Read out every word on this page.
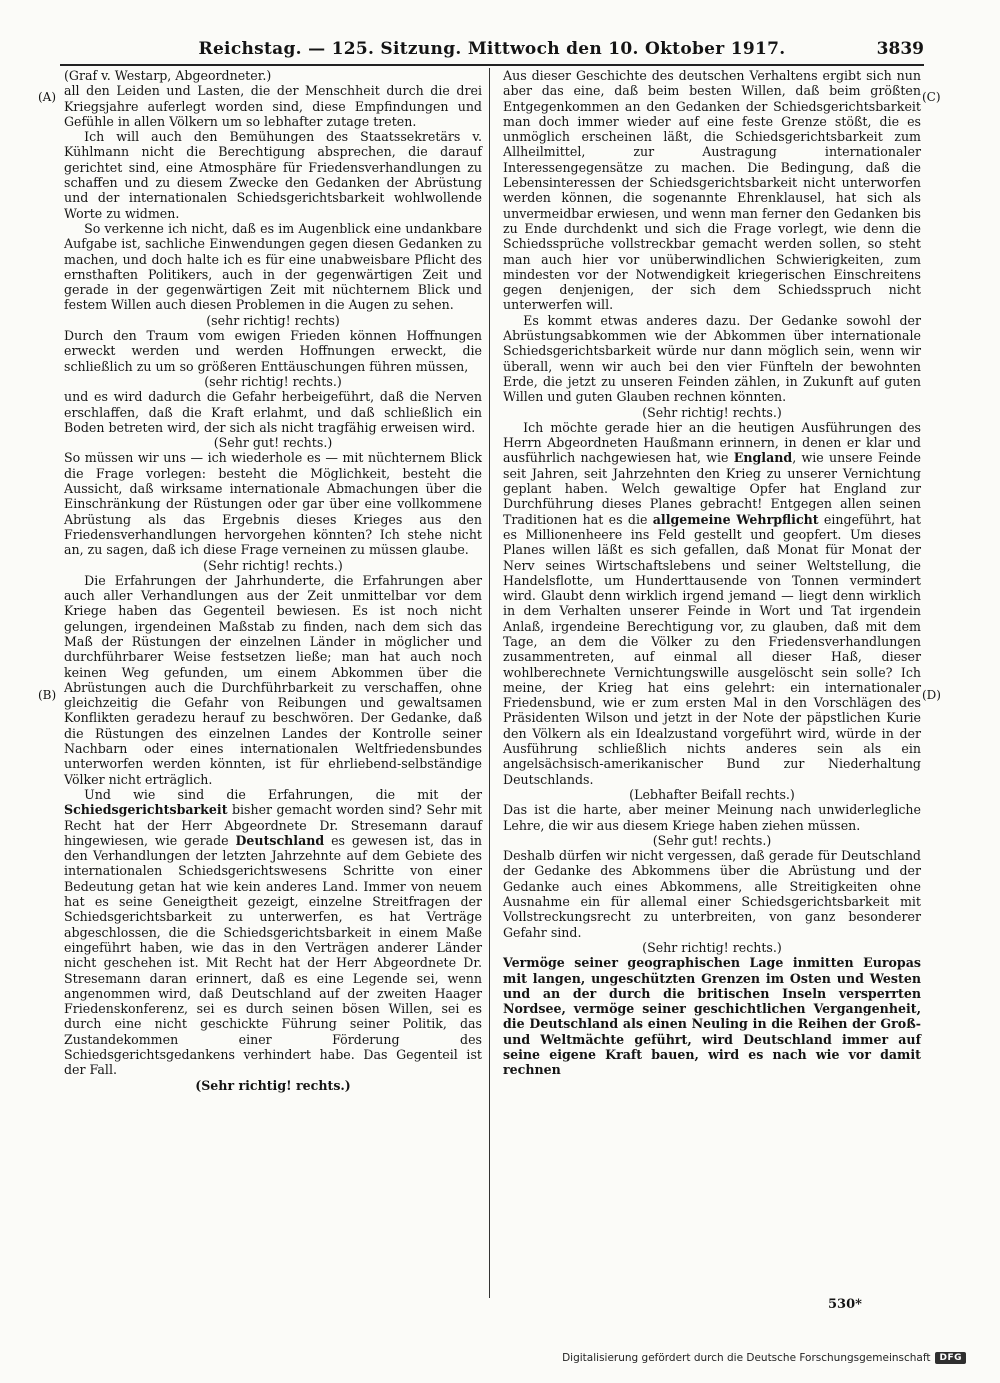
Reichstag. — 125. Sitzung. Mittwoch den 10. Oktober 1917.	3839
(A)
(B)
(C)
(D)

(Graf v. Westarp, Abgeordneter.)

all den Leiden und Lasten, die der Menschheit durch die drei Kriegsjahre auferlegt worden sind, diese Empfindungen und Gefühle in allen Völkern um so lebhafter zutage treten.

Ich will auch den Bemühungen des Staatssekretärs v. Kühlmann nicht die Berechtigung absprechen, die darauf gerichtet sind, eine Atmosphäre für Friedensverhandlungen zu schaffen und zu diesem Zwecke den Gedanken der Abrüstung und der internationalen Schiedsgerichtsbarkeit wohlwollende Worte zu widmen.

So verkenne ich nicht, daß es im Augenblick eine undankbare Aufgabe ist, sachliche Einwendungen gegen diesen Gedanken zu machen, und doch halte ich es für eine unabweisbare Pflicht des ernsthaften Politikers, auch in der gegenwärtigen Zeit und gerade in der gegenwärtigen Zeit mit nüchternem Blick und festem Willen auch diesen Problemen in die Augen zu sehen.

(sehr richtig! rechts)

Durch den Traum vom ewigen Frieden können Hoffnungen erweckt werden und werden Hoffnungen erweckt, die schließlich zu um so größeren Enttäuschungen führen müssen,

(sehr richtig! rechts.)

und es wird dadurch die Gefahr herbeigeführt, daß die Nerven erschlaffen, daß die Kraft erlahmt, und daß schließlich ein Boden betreten wird, der sich als nicht tragfähig erweisen wird.

(Sehr gut! rechts.)

So müssen wir uns — ich wiederhole es — mit nüchternem Blick die Frage vorlegen: besteht die Möglichkeit, besteht die Aussicht, daß wirksame internationale Abmachungen über die Einschränkung der Rüstungen oder gar über eine vollkommene Abrüstung als das Ergebnis dieses Krieges aus den Friedensverhandlungen hervorgehen könnten? Ich stehe nicht an, zu sagen, daß ich diese Frage verneinen zu müssen glaube.

(Sehr richtig! rechts.)

Die Erfahrungen der Jahrhunderte, die Erfahrungen aber auch aller Verhandlungen aus der Zeit unmittelbar vor dem Kriege haben das Gegenteil bewiesen. Es ist noch nicht gelungen, irgendeinen Maßstab zu finden, nach dem sich das Maß der Rüstungen der einzelnen Länder in möglicher und durchführbarer Weise festsetzen ließe; man hat auch noch keinen Weg gefunden, um einem Abkommen über die Abrüstungen auch die Durchführbarkeit zu verschaffen, ohne gleichzeitig die Gefahr von Reibungen und gewaltsamen Konflikten geradezu herauf zu beschwören. Der Gedanke, daß die Rüstungen des einzelnen Landes der Kontrolle seiner Nachbarn oder eines internationalen Weltfriedensbundes unterworfen werden könnten, ist für ehrliebend-selbständige Völker nicht erträglich.

Und wie sind die Erfahrungen, die mit der Schiedsgerichtsbarkeit bisher gemacht worden sind? Sehr mit Recht hat der Herr Abgeordnete Dr. Stresemann darauf hingewiesen, wie gerade Deutschland es gewesen ist, das in den Verhandlungen der letzten Jahrzehnte auf dem Gebiete des internationalen Schiedsgerichtswesens Schritte von einer Bedeutung getan hat wie kein anderes Land. Immer von neuem hat es seine Geneigtheit gezeigt, einzelne Streitfragen der Schiedsgerichtsbarkeit zu unterwerfen, es hat Verträge abgeschlossen, die die Schiedsgerichtsbarkeit in einem Maße eingeführt haben, wie das in den Verträgen anderer Länder nicht geschehen ist. Mit Recht hat der Herr Abgeordnete Dr. Stresemann daran erinnert, daß es eine Legende sei, wenn angenommen wird, daß Deutschland auf der zweiten Haager Friedenskonferenz, sei es durch seinen bösen Willen, sei es durch eine nicht geschickte Führung seiner Politik, das Zustandekommen einer Förderung des Schiedsgerichtsgedankens verhindert habe. Das Gegenteil ist der Fall.

(Sehr richtig! rechts.)

Aus dieser Geschichte des deutschen Verhaltens ergibt sich nun aber das eine, daß beim besten Willen, daß beim größten Entgegenkommen an den Gedanken der Schiedsgerichtsbarkeit man doch immer wieder auf eine feste Grenze stößt, die es unmöglich erscheinen läßt, die Schiedsgerichtsbarkeit zum Allheilmittel, zur Austragung internationaler Interessengegensätze zu machen. Die Bedingung, daß die Lebensinteressen der Schiedsgerichtsbarkeit nicht unterworfen werden können, die sogenannte Ehrenklausel, hat sich als unvermeidbar erwiesen, und wenn man ferner den Gedanken bis zu Ende durchdenkt und sich die Frage vorlegt, wie denn die Schiedssprüche vollstreckbar gemacht werden sollen, so steht man auch hier vor unüberwindlichen Schwierigkeiten, zum mindesten vor der Notwendigkeit kriegerischen Einschreitens gegen denjenigen, der sich dem Schiedsspruch nicht unterwerfen will.

Es kommt etwas anderes dazu. Der Gedanke sowohl der Abrüstungsabkommen wie der Abkommen über internationale Schiedsgerichtsbarkeit würde nur dann möglich sein, wenn wir überall, wenn wir auch bei den vier Fünfteln der bewohnten Erde, die jetzt zu unseren Feinden zählen, in Zukunft auf guten Willen und guten Glauben rechnen könnten.

(Sehr richtig! rechts.)

Ich möchte gerade hier an die heutigen Ausführungen des Herrn Abgeordneten Haußmann erinnern, in denen er klar und ausführlich nachgewiesen hat, wie England, wie unsere Feinde seit Jahren, seit Jahrzehnten den Krieg zu unserer Vernichtung geplant haben. Welch gewaltige Opfer hat England zur Durchführung dieses Planes gebracht! Entgegen allen seinen Traditionen hat es die allgemeine Wehrpflicht eingeführt, hat es Millionenheere ins Feld gestellt und geopfert. Um dieses Planes willen läßt es sich gefallen, daß Monat für Monat der Nerv seines Wirtschaftslebens und seiner Weltstellung, die Handelsflotte, um Hunderttausende von Tonnen vermindert wird. Glaubt denn wirklich irgend jemand — liegt denn wirklich in dem Verhalten unserer Feinde in Wort und Tat irgendein Anlaß, irgendeine Berechtigung vor, zu glauben, daß mit dem Tage, an dem die Völker zu den Friedensverhandlungen zusammentreten, auf einmal all dieser Haß, dieser wohlberechnete Vernichtungswille ausgelöscht sein solle? Ich meine, der Krieg hat eins gelehrt: ein internationaler Friedensbund, wie er zum ersten Mal in den Vorschlägen des Präsidenten Wilson und jetzt in der Note der päpstlichen Kurie den Völkern als ein Idealzustand vorgeführt wird, würde in der Ausführung schließlich nichts anderes sein als ein angelsächsisch-amerikanischer Bund zur Niederhaltung Deutschlands.

(Lebhafter Beifall rechts.)

Das ist die harte, aber meiner Meinung nach unwiderlegliche Lehre, die wir aus diesem Kriege haben ziehen müssen.

(Sehr gut! rechts.)

Deshalb dürfen wir nicht vergessen, daß gerade für Deutschland der Gedanke des Abkommens über die Abrüstung und der Gedanke auch eines Abkommens, alle Streitigkeiten ohne Ausnahme ein für allemal einer Schiedsgerichtsbarkeit mit Vollstreckungsrecht zu unterbreiten, von ganz besonderer Gefahr sind.

(Sehr richtig! rechts.)

Vermöge seiner geographischen Lage inmitten Europas mit langen, ungeschützten Grenzen im Osten und Westen und an der durch die britischen Inseln versperrten Nordsee, vermöge seiner geschichtlichen Vergangenheit, die Deutschland als einen Neuling in die Reihen der Groß- und Weltmächte geführt, wird Deutschland immer auf seine eigene Kraft bauen, wird es nach wie vor damit rechnen

530*
Digitalisierung gefördert durch die Deutsche Forschungsgemeinschaft	DFG
